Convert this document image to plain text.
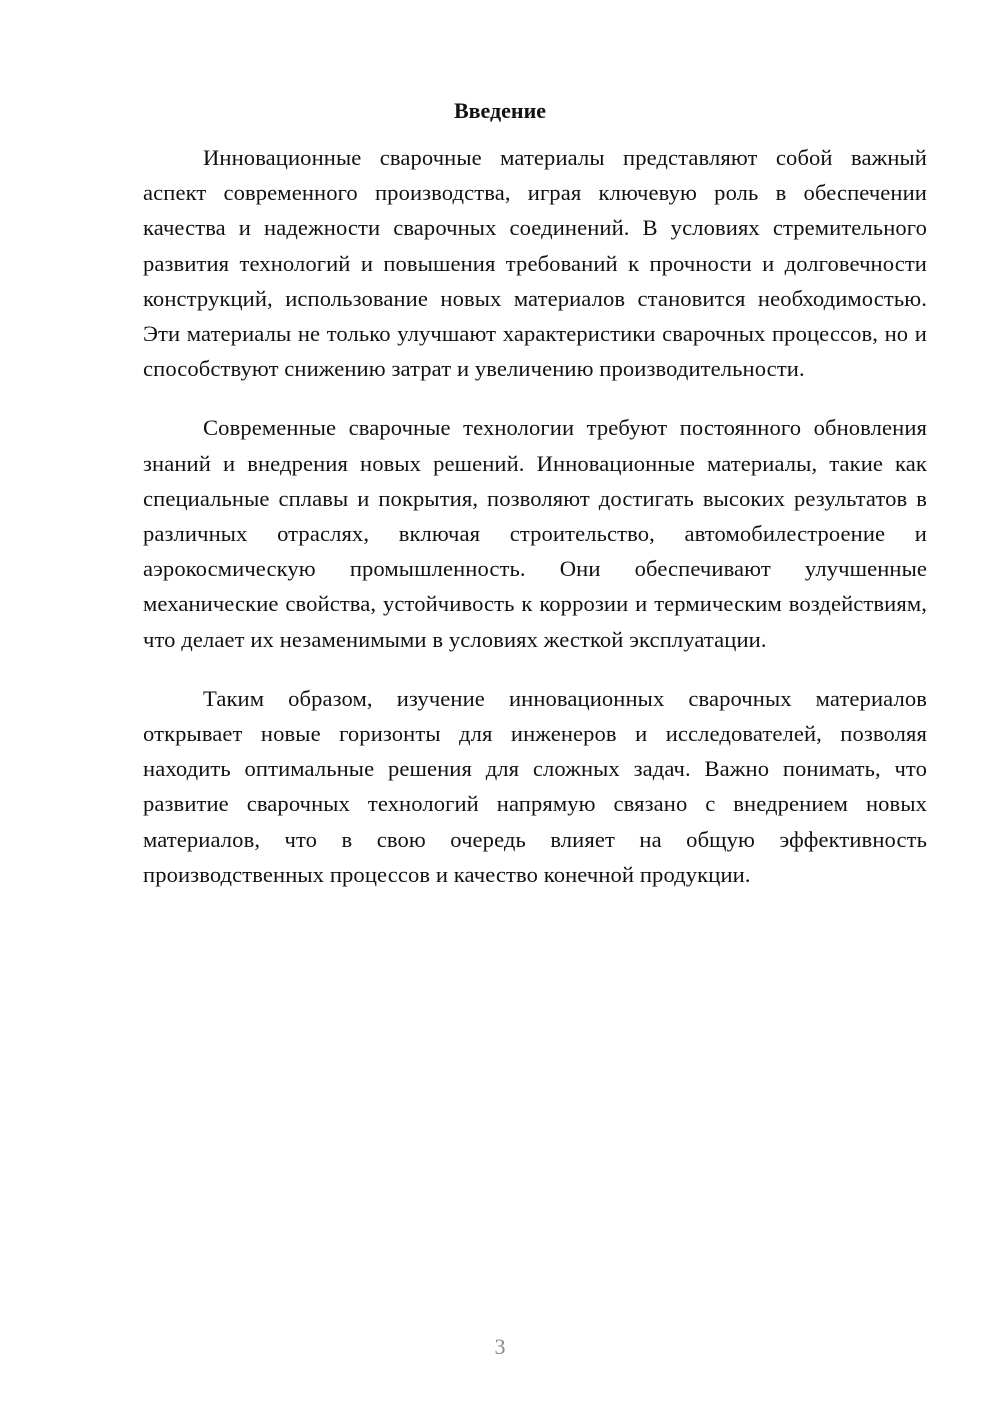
Введение

Инновационные сварочные материалы представляют собой важный аспект современного производства, играя ключевую роль в обеспечении качества и надежности сварочных соединений. В условиях стремительного развития технологий и повышения требований к прочности и долговечности конструкций, использование новых материалов становится необходимостью. Эти материалы не только улучшают характеристики сварочных процессов, но и способствуют снижению затрат и увеличению производительности.

Современные сварочные технологии требуют постоянного обновления знаний и внедрения новых решений. Инновационные материалы, такие как специальные сплавы и покрытия, позволяют достигать высоких результатов в различных отраслях, включая строительство, автомобилестроение и аэрокосмическую промышленность. Они обеспечивают улучшенные механические свойства, устойчивость к коррозии и термическим воздействиям, что делает их незаменимыми в условиях жесткой эксплуатации.

Таким образом, изучение инновационных сварочных материалов открывает новые горизонты для инженеров и исследователей, позволяя находить оптимальные решения для сложных задач. Важно понимать, что развитие сварочных технологий напрямую связано с внедрением новых материалов, что в свою очередь влияет на общую эффективность производственных процессов и качество конечной продукции.

3
